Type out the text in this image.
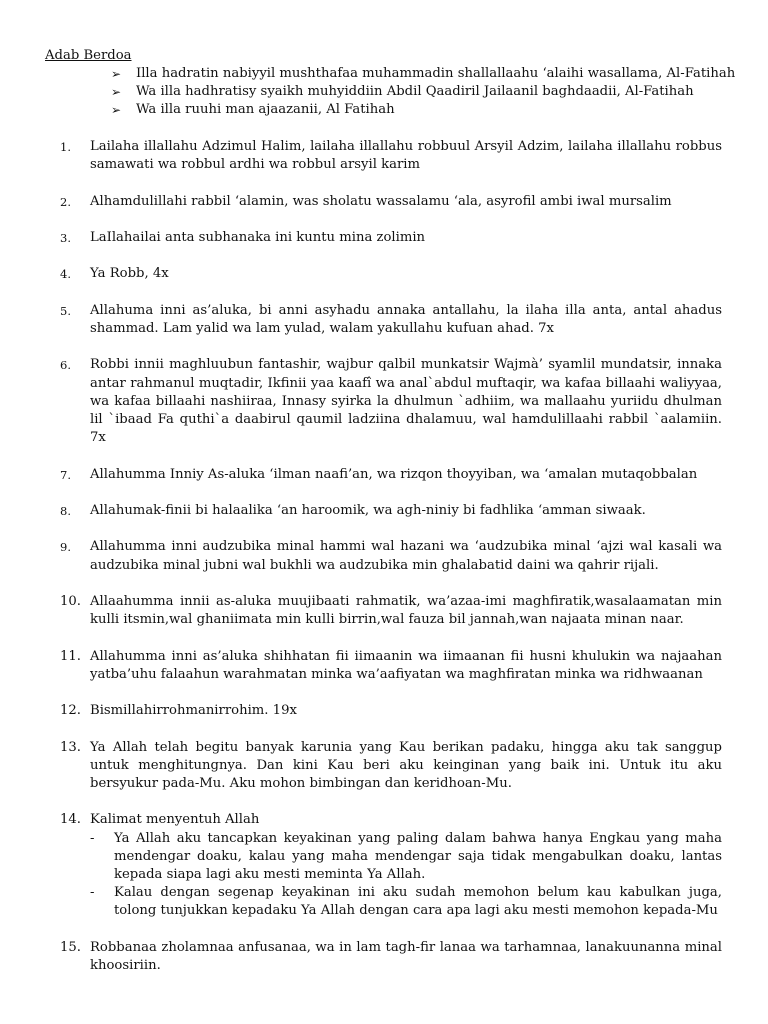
Adab Berdoa
➢ Illa hadratin nabiyyil mushthafaa muhammadin shallallaahu ‘alaihi wasallama, Al-Fatihah
➢ Wa illa hadhratisy syaikh muhyiddiin Abdil Qaadiril Jailaanil baghdaadii, Al-Fatihah
➢ Wa illa ruuhi man ajaazanii, Al Fatihah
1.	Lailaha illallahu Adzimul Halim, lailaha illallahu robbuul Arsyil Adzim, lailaha illallahu robbus samawati wa robbul ardhi wa robbul arsyil karim
2.	Alhamdulillahi rabbil ‘alamin, was sholatu wassalamu ‘ala, asyrofil ambi iwal mursalim
3.	LaIlahailai anta subhanaka ini kuntu mina zolimin
4.	Ya Robb, 4x
5.	Allahuma inni as’aluka, bi anni asyhadu annaka antallahu, la ilaha illa anta, antal ahadus shammad. Lam yalid wa lam yulad, walam yakullahu kufuan ahad. 7x
6.	Robbi innii maghluubun fantashir, wajbur qalbil munkatsir Wajmà’ syamlil mundatsir, innaka antar rahmanul muqtadir, Ikfinii yaa kaafî wa anal`abdul muftaqir, wa kafaa billaahi waliyyaa, wa kafaa billaahi nashiiraa, Innasy syirka la dhulmun `adhiim, wa mallaahu yuriidu dhulman lil `ibaad Fa quthi`a daabirul qaumil ladziina dhalamuu, wal hamdulillaahi rabbil `aalamiin. 7x
7.	Allahumma Inniy As-aluka ‘ilman naafi’an, wa rizqon thoyyiban, wa ‘amalan mutaqobbalan
8.	Allahumak-finii bi halaalika ‘an haroomik, wa agh-niniy bi fadhlika ‘amman siwaak.
9.	Allahumma inni audzubika minal hammi wal hazani wa ‘audzubika minal ‘ajzi wal kasali wa audzubika minal jubni wal bukhli wa audzubika min ghalabatid daini wa qahrir rijali.
10. Allaahumma innii as-aluka muujibaati rahmatik, wa’azaa-imi maghfiratik,wasalaamatan min kulli itsmin,wal ghaniimata min kulli birrin,wal fauza bil jannah,wan najaata minan naar.
11. Allahumma inni as’aluka shihhatan fii iimaanin wa iimaanan fii husni khulukin wa najaahan yatba’uhu falaahun warahmatan minka wa’aafiyatan wa maghfiratan minka wa ridhwaanan
12. Bismillahirrohmanirrohim. 19x
13. Ya Allah telah begitu banyak karunia yang Kau berikan padaku, hingga aku tak sanggup untuk menghitungnya. Dan kini Kau beri aku keinginan yang baik ini. Untuk itu aku bersyukur pada-Mu. Aku mohon bimbingan dan keridhoan-Mu.
14. Kalimat menyentuh Allah
- Ya Allah aku tancapkan keyakinan yang paling dalam bahwa hanya Engkau yang maha mendengar doaku, kalau yang maha mendengar saja tidak mengabulkan doaku, lantas kepada siapa lagi aku mesti meminta Ya Allah.
- Kalau dengan segenap keyakinan ini aku sudah memohon belum kau kabulkan juga, tolong tunjukkan kepadaku Ya Allah dengan cara apa lagi aku mesti memohon kepada-Mu
15. Robbanaa zholamnaa anfusanaa, wa in lam tagh-fir lanaa wa tarhamnaa, lanakuunanna minal khoosiriin.
